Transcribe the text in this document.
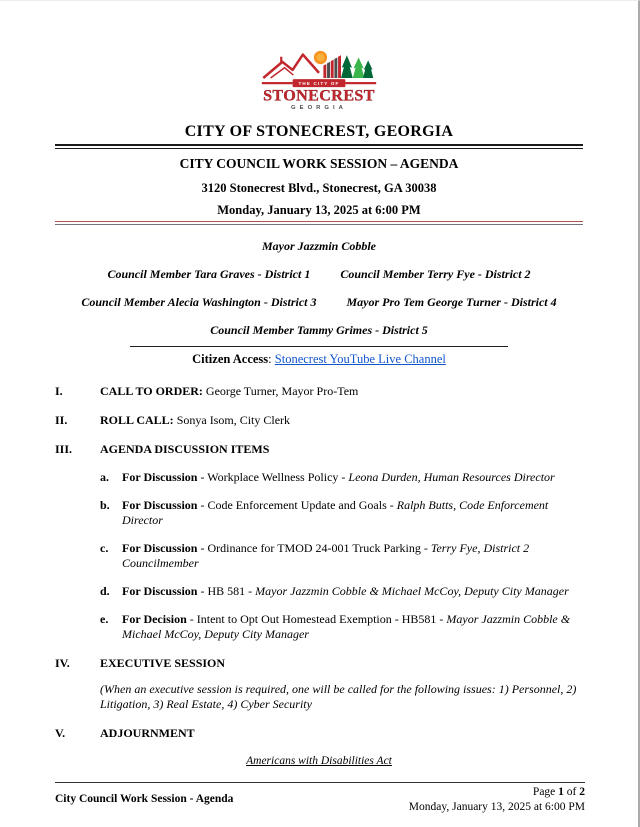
THE CITY OF
STONECREST
GEORGIA
CITY OF STONECREST, GEORGIA
CITY COUNCIL WORK SESSION – AGENDA
3120 Stonecrest Blvd., Stonecrest, GA 30038
Monday, January 13, 2025 at 6:00 PM
Mayor Jazzmin Cobble
Council Member Tara Graves - District 1	Council Member Terry Fye - District 2
Council Member Alecia Washington - District 3	Mayor Pro Tem George Turner - District 4
Council Member Tammy Grimes - District 5
Citizen Access: Stonecrest YouTube Live Channel
I.	CALL TO ORDER: George Turner, Mayor Pro-Tem
II.	ROLL CALL: Sonya Isom, City Clerk
III.	AGENDA DISCUSSION ITEMS
a.	For Discussion - Workplace Wellness Policy - Leona Durden, Human Resources Director
b.	For Discussion - Code Enforcement Update and Goals - Ralph Butts, Code Enforcement Director
c.	For Discussion - Ordinance for TMOD 24-001 Truck Parking - Terry Fye, District 2 Councilmember
d.	For Discussion - HB 581 - Mayor Jazzmin Cobble & Michael McCoy, Deputy City Manager
e.	For Decision - Intent to Opt Out Homestead Exemption - HB581 - Mayor Jazzmin Cobble & Michael McCoy, Deputy City Manager
IV.	EXECUTIVE SESSION
(When an executive session is required, one will be called for the following issues: 1) Personnel, 2) Litigation, 3) Real Estate, 4) Cyber Security
V.	ADJOURNMENT
Americans with Disabilities Act
City Council Work Session - Agenda
Page 1 of 2
Monday, January 13, 2025 at 6:00 PM
